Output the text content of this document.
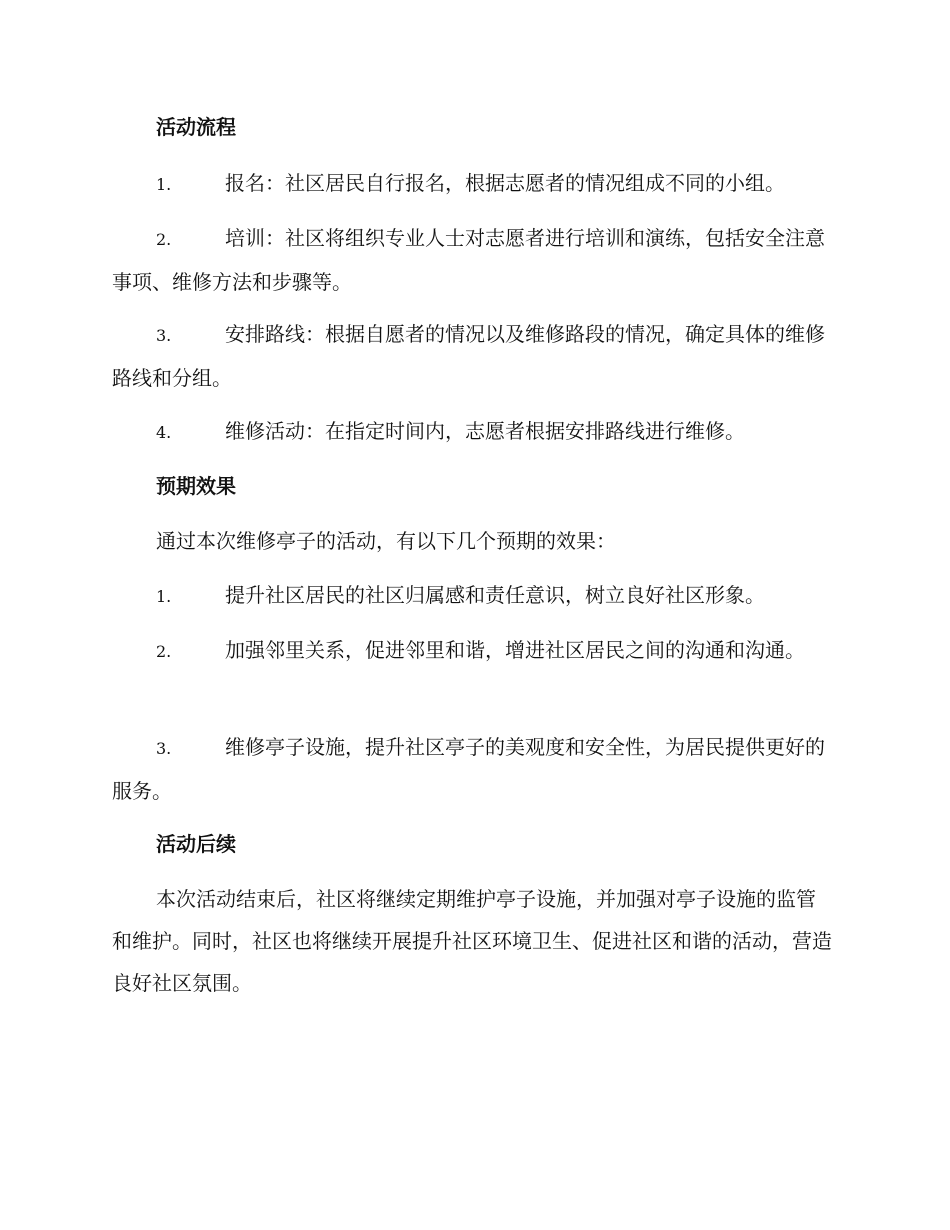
活动流程

1.	报名：社区居民自行报名，根据志愿者的情况组成不同的小组。

2.	培训：社区将组织专业人士对志愿者进行培训和演练，包括安全注意事项、维修方法和步骤等。

3.	安排路线：根据自愿者的情况以及维修路段的情况，确定具体的维修路线和分组。

4.	维修活动：在指定时间内，志愿者根据安排路线进行维修。

预期效果

通过本次维修亭子的活动，有以下几个预期的效果：

1.	提升社区居民的社区归属感和责任意识，树立良好社区形象。

2.	加强邻里关系，促进邻里和谐，增进社区居民之间的沟通和沟通。

3.	维修亭子设施，提升社区亭子的美观度和安全性，为居民提供更好的服务。

活动后续

本次活动结束后，社区将继续定期维护亭子设施，并加强对亭子设施的监管和维护。同时，社区也将继续开展提升社区环境卫生、促进社区和谐的活动，营造良好社区氛围。
